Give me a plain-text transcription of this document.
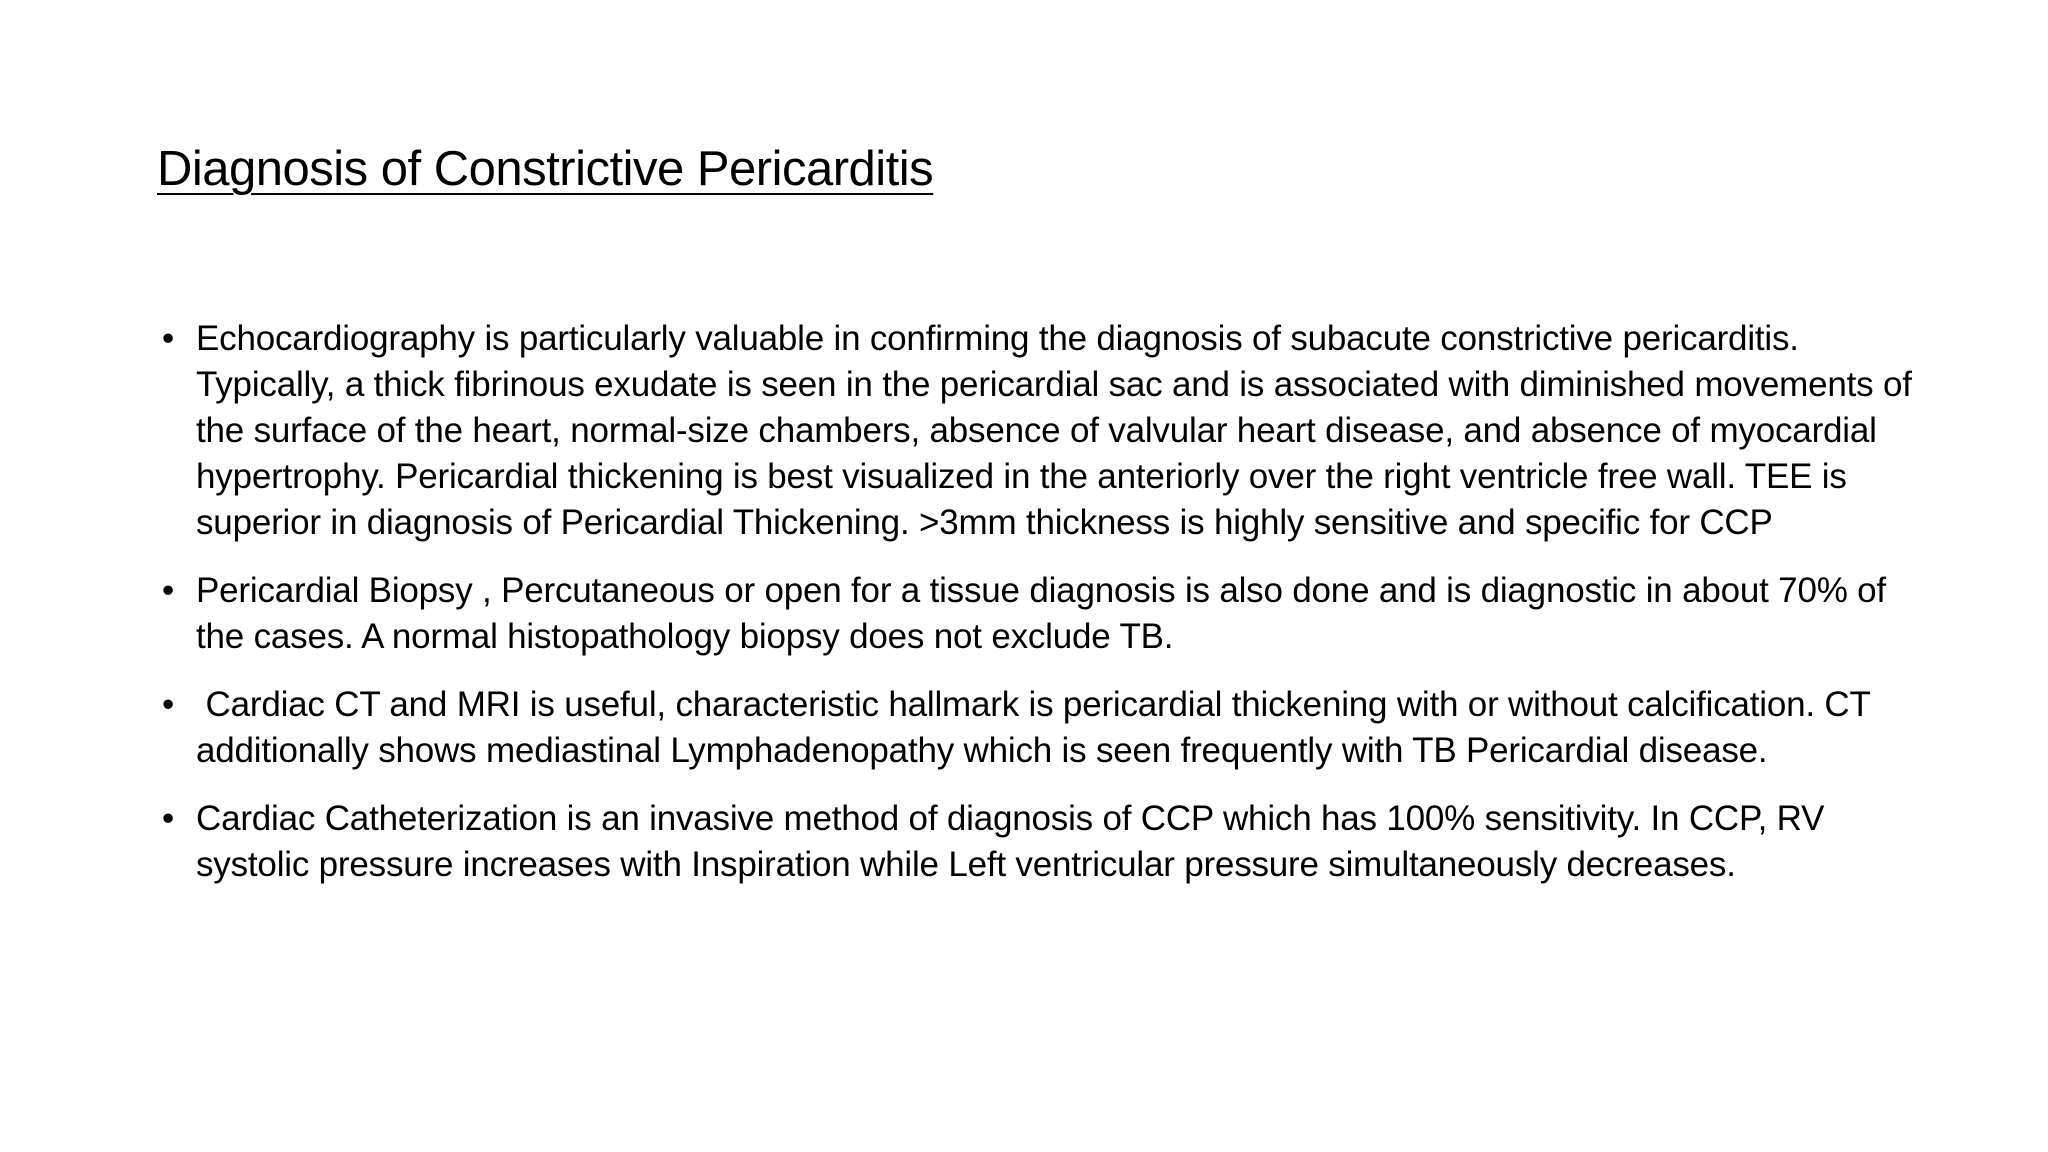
Diagnosis of Constrictive Pericarditis
• Echocardiography is particularly valuable in confirming the diagnosis of subacute constrictive pericarditis. Typically, a thick fibrinous exudate is seen in the pericardial sac and is associated with diminished movements of the surface of the heart, normal-size chambers, absence of valvular heart disease, and absence of myocardial hypertrophy. Pericardial thickening is best visualized in the anteriorly over the right ventricle free wall. TEE is superior in diagnosis of Pericardial Thickening. >3mm thickness is highly sensitive and specific for CCP
• Pericardial Biopsy , Percutaneous or open for a tissue diagnosis is also done and is diagnostic in about 70% of the cases. A normal histopathology biopsy does not exclude TB.
• Cardiac CT and MRI is useful, characteristic hallmark is pericardial thickening with or without calcification. CT additionally shows mediastinal Lymphadenopathy which is seen frequently with TB Pericardial disease.
• Cardiac Catheterization is an invasive method of diagnosis of CCP which has 100% sensitivity. In CCP, RV systolic pressure increases with Inspiration while Left ventricular pressure simultaneously decreases.
